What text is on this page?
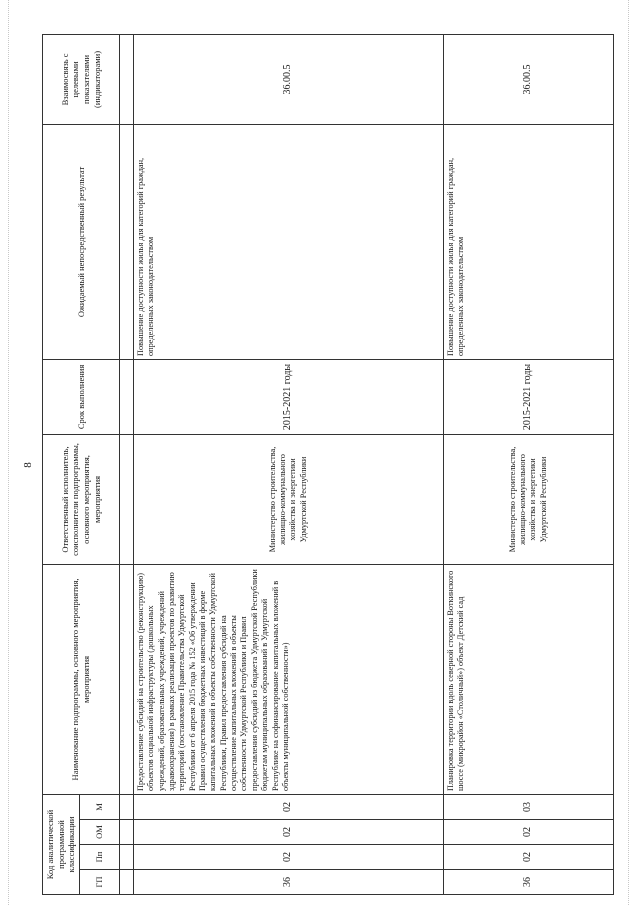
8
Код аналитической программной классификации				Наименование подпрограммы, основного мероприятия, мероприятия	Ответственный исполнитель, соисполнители подпрограммы, основного мероприятия, мероприятия	Срок выполнения	Ожидаемый непосредственный результат	Взаимосвязь с целевыми показателями (индикаторами)
ГП	Пп	ОМ	М					

36	02	02	02	Предоставление субсидий на строительство (реконструкцию) объектов социальной инфраструктуры (дошкольных учреждений, образовательных учреждений, учреждений здравоохранения) в рамках реализации проектов по развитию территорий (постановление Правительства Удмуртской Республики от 6 апреля 2015 года № 152 «Об утверждении Правил осуществления бюджетных инвестиций в форме капитальных вложений в объекты собственности Удмуртской Республики, Правил предоставления субсидий на осуществление капитальных вложений в объекты собственности Удмуртской Республики и Правил предоставления субсидий из бюджета Удмуртской Республики бюджетам муниципальных образований в Удмуртской Республике на софинансирование капитальных вложений в объекты муниципальной собственности»)	Министерство строительства, жилищно-коммунального хозяйства и энергетики Удмуртской Республики	2015-2021 годы	Повышение доступности жилья для категорий граждан, определенных законодательством	36.00.5
36	02	02	03	Планировка территории вдоль северной стороны Воткинского шоссе (микрорайон «Столичный») объект Детский сад	Министерство строительства, жилищно-коммунального хозяйства и энергетики Удмуртской Республики	2015-2021 годы	Повышение доступности жилья для категорий граждан, определенных законодательством	36.00.5
